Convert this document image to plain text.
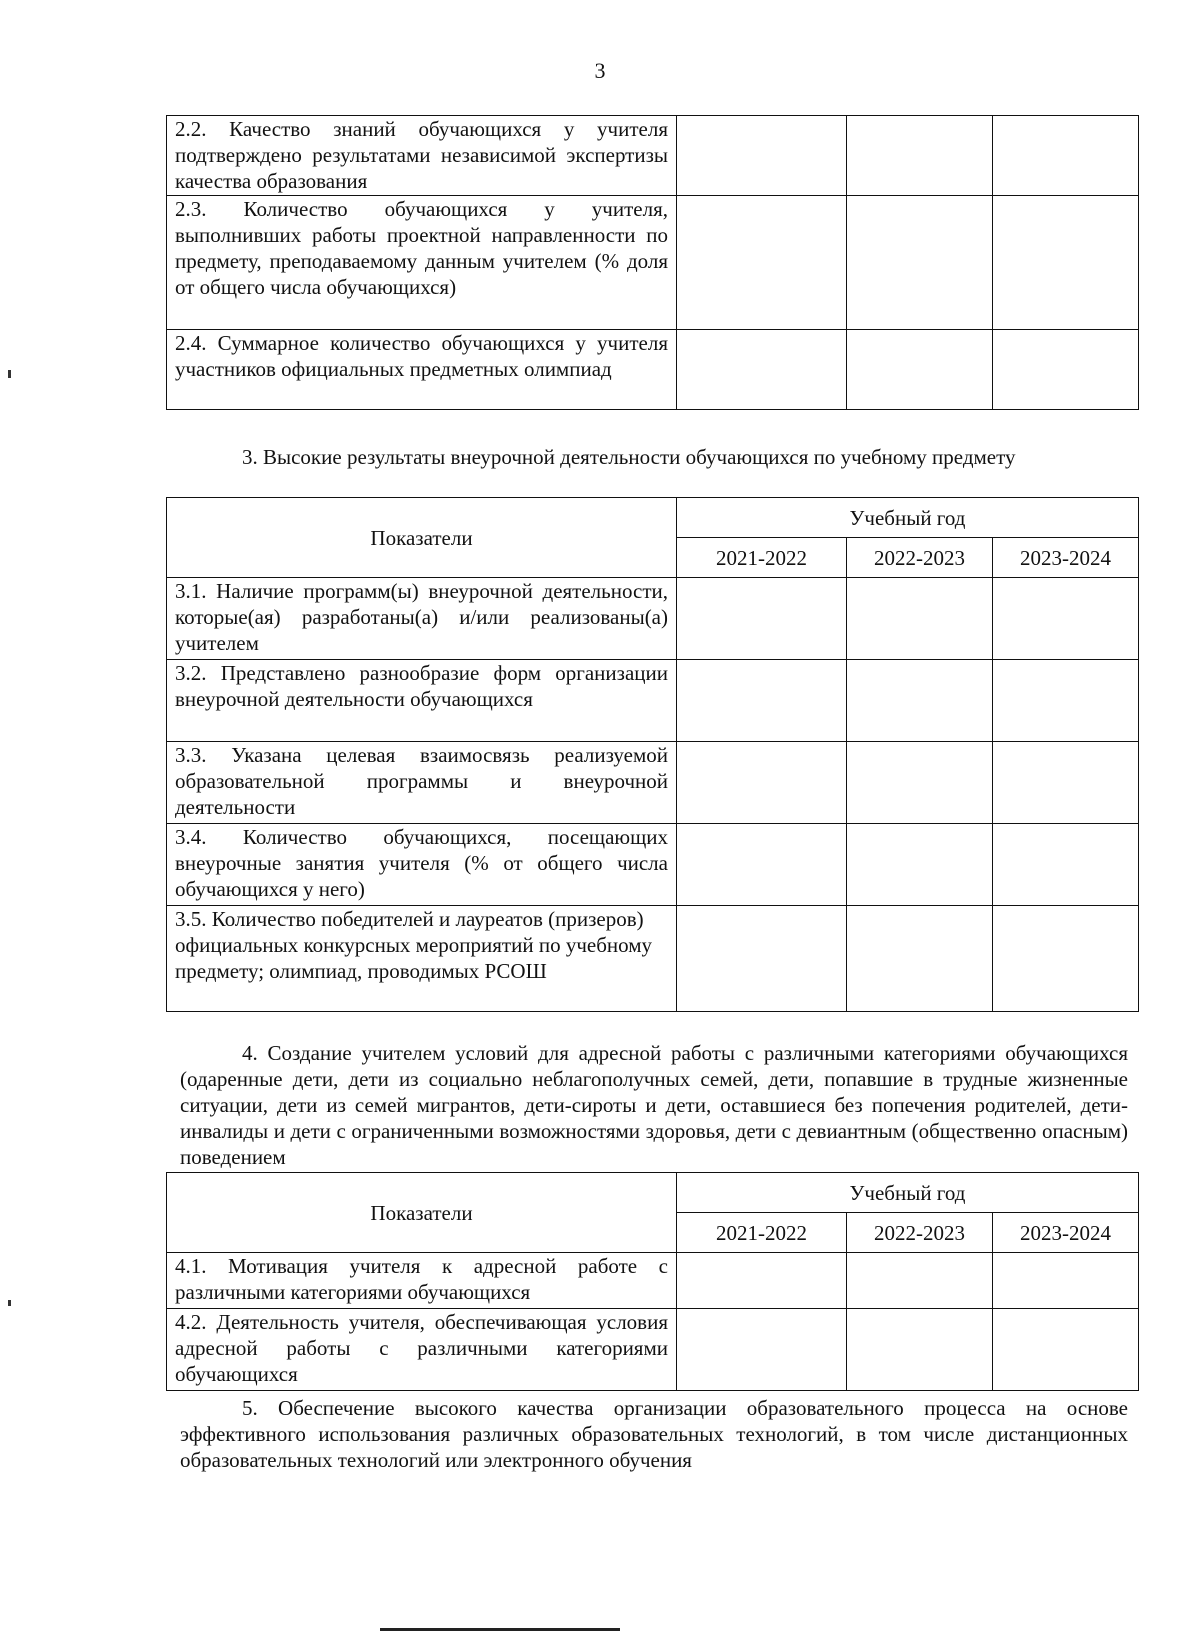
3
2.2. Качество знаний обучающихся у учителя подтверждено результатами независимой экспертизы качества образования			
2.3. Количество обучающихся у учителя, выполнивших работы проектной направленности по предмету, преподаваемому данным учителем (% доля от общего числа обучающихся)			
2.4. Суммарное количество обучающихся у учителя участников официальных предметных олимпиад			
3. Высокие результаты внеурочной деятельности обучающихся по учебному предмету
Показатели	Учебный год		
	2021-2022	2022-2023	2023-2024
3.1. Наличие программ(ы) внеурочной деятельности, которые(ая) разработаны(а) и/или реализованы(а) учителем			
3.2. Представлено разнообразие форм организации внеурочной деятельности обучающихся			
3.3. Указана целевая взаимосвязь реализуемой образовательной программы и внеурочной деятельности			
3.4. Количество обучающихся, посещающих внеурочные занятия учителя (% от общего числа обучающихся у него)			
3.5. Количество победителей и лауреатов (призеров) официальных конкурсных мероприятий по учебному предмету; олимпиад, проводимых РСОШ			
4. Создание учителем условий для адресной работы с различными категориями обучающихся (одаренные дети, дети из социально неблагополучных семей, дети, попавшие в трудные жизненные ситуации, дети из семей мигрантов, дети-сироты и дети, оставшиеся без попечения родителей, дети-инвалиды и дети с ограниченными возможностями здоровья, дети с девиантным (общественно опасным) поведением
Показатели	Учебный год		
	2021-2022	2022-2023	2023-2024
4.1. Мотивация учителя к адресной работе с различными категориями обучающихся			
4.2. Деятельность учителя, обеспечивающая условия адресной работы с различными категориями обучающихся			
5. Обеспечение высокого качества организации образовательного процесса на основе эффективного использования различных образовательных технологий, в том числе дистанционных образовательных технологий или электронного обучения
